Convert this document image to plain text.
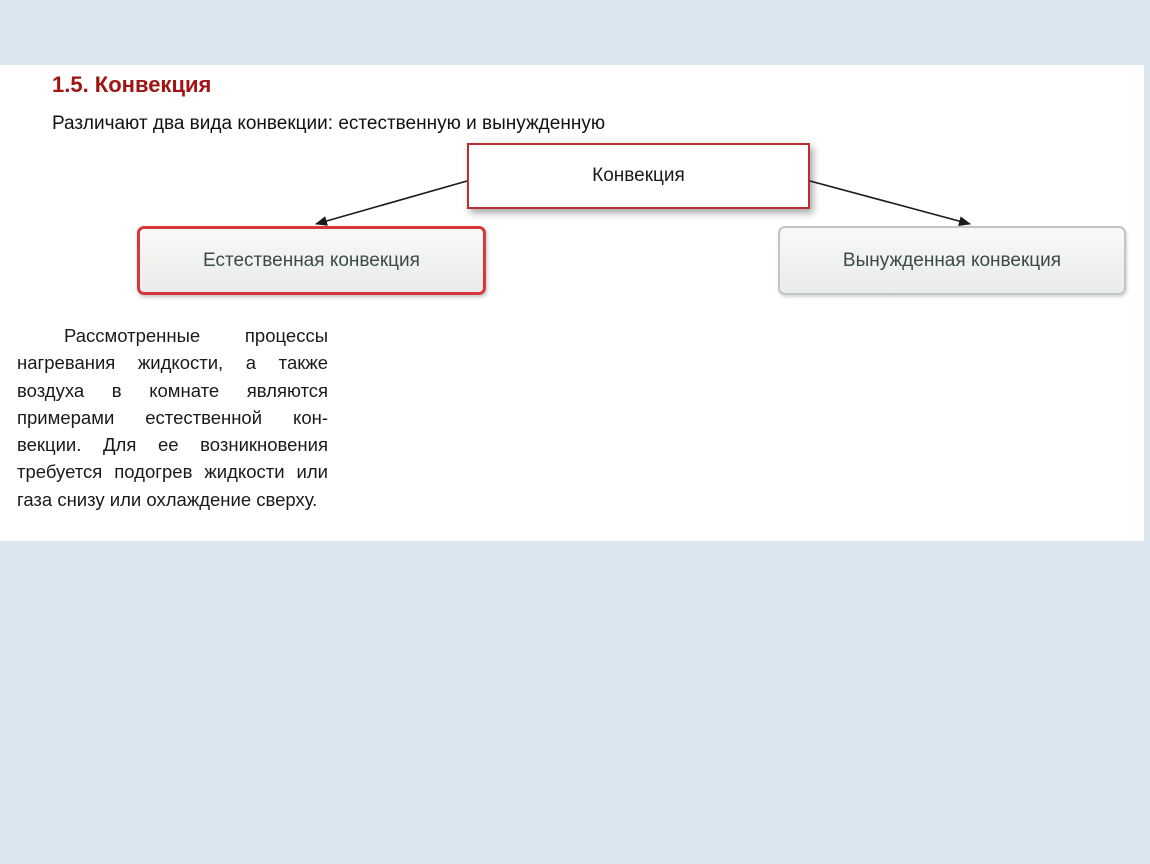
1.5. Конвекция
Различают два вида конвекции: естественную и вынужденную
Конвекция
Естественная конвекция	Вынужденная конвекция

Рассмотренные процессы нагревания жидкости, а также воздуха в комнате являются примерами естественной кон- векции. Для ее возникновения требуется подогрев жидкости или газа снизу или охлаждение сверху.
